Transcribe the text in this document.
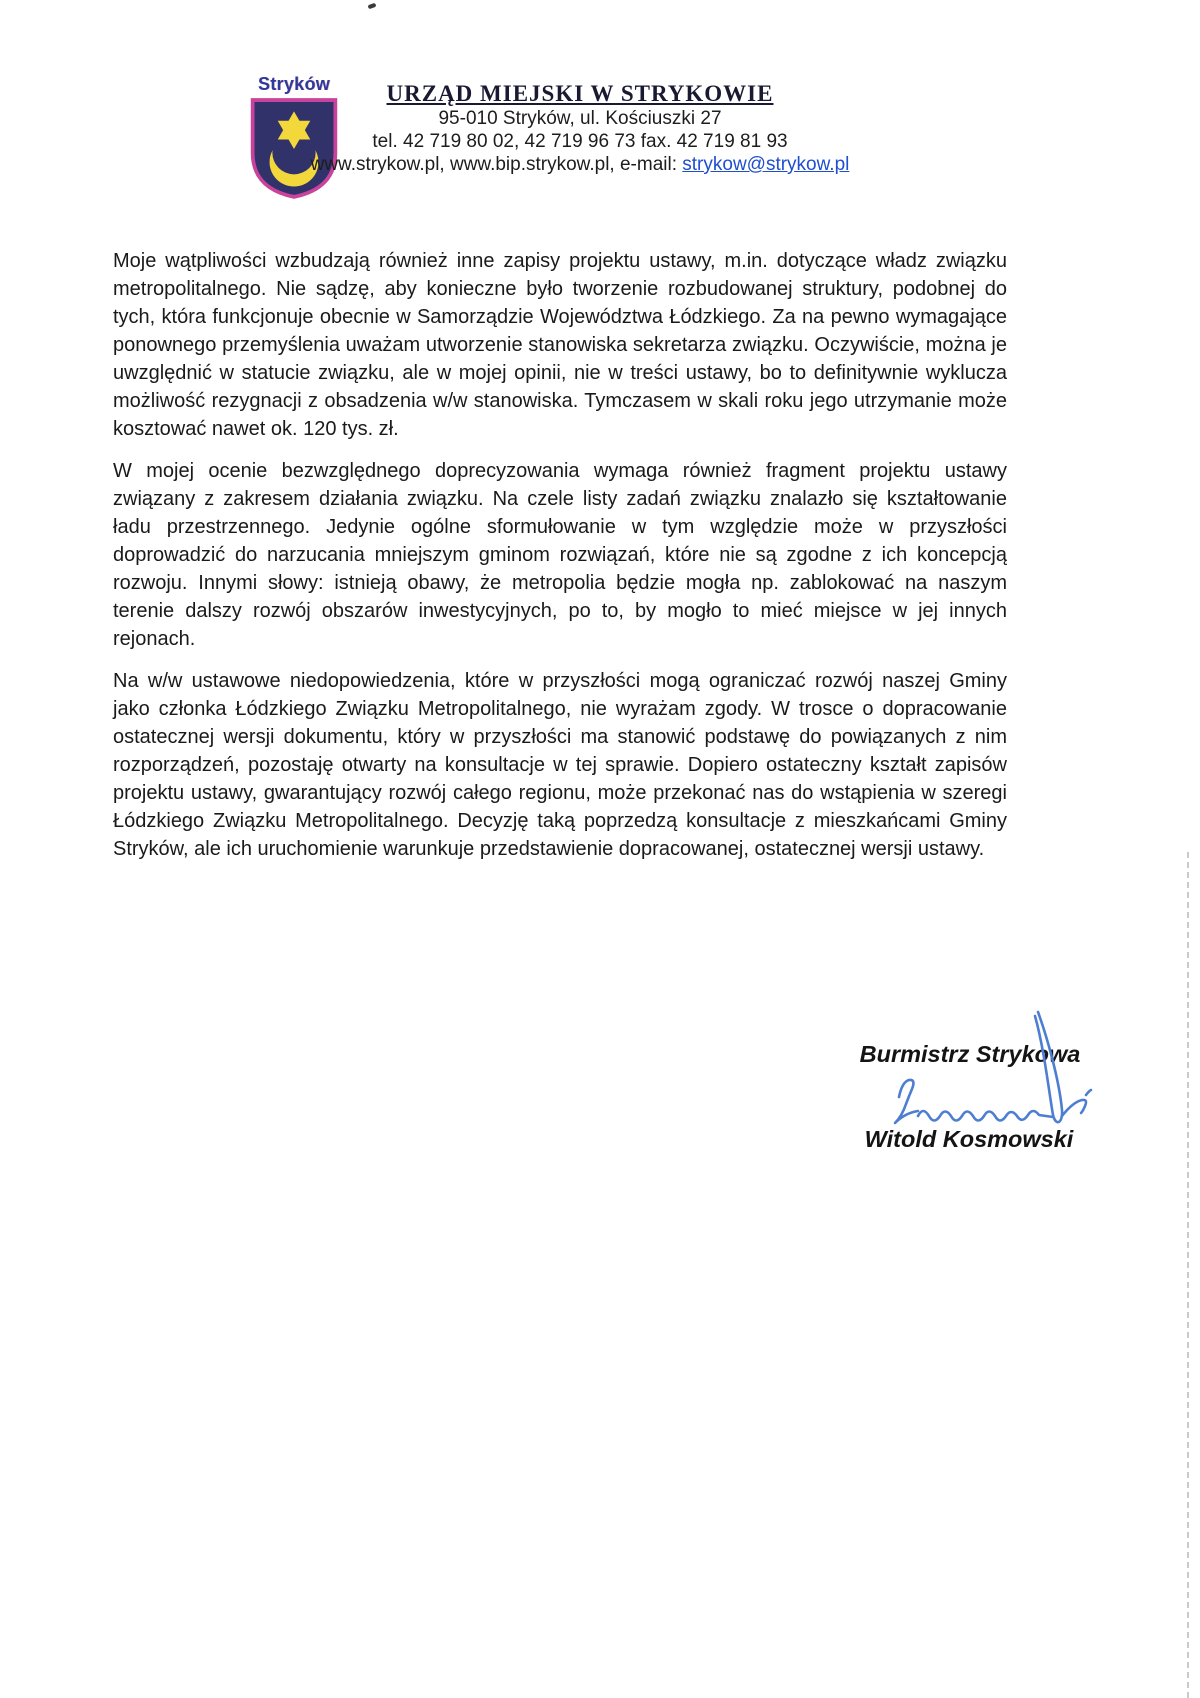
Stryków	URZĄD MIEJSKI W STRYKOWIE
95-010 Stryków, ul. Kościuszki 27
tel. 42 719 80 02, 42 719 96 73 fax. 42 719 81 93
www.strykow.pl, www.bip.strykow.pl, e-mail: strykow@strykow.pl

Moje wątpliwości wzbudzają również inne zapisy projektu ustawy, m.in. dotyczące władz związku metropolitalnego. Nie sądzę, aby konieczne było tworzenie rozbudowanej struktury, podobnej do tych, która funkcjonuje obecnie w Samorządzie Województwa Łódzkiego. Za na pewno wymagające ponownego przemyślenia uważam utworzenie stanowiska sekretarza związku. Oczywiście, można je uwzględnić w statucie związku, ale w mojej opinii, nie w treści ustawy, bo to definitywnie wyklucza możliwość rezygnacji z obsadzenia w/w stanowiska. Tymczasem w skali roku jego utrzymanie może kosztować nawet ok. 120 tys. zł.

W mojej ocenie bezwzględnego doprecyzowania wymaga również fragment projektu ustawy związany z zakresem działania związku. Na czele listy zadań związku znalazło się kształtowanie ładu przestrzennego. Jedynie ogólne sformułowanie w tym względzie może w przyszłości doprowadzić do narzucania mniejszym gminom rozwiązań, które nie są zgodne z ich koncepcją rozwoju. Innymi słowy: istnieją obawy, że metropolia będzie mogła np. zablokować na naszym terenie dalszy rozwój obszarów inwestycyjnych, po to, by mogło to mieć miejsce w jej innych rejonach.

Na w/w ustawowe niedopowiedzenia, które w przyszłości mogą ograniczać rozwój naszej Gminy jako członka Łódzkiego Związku Metropolitalnego, nie wyrażam zgody. W trosce o dopracowanie ostatecznej wersji dokumentu, który w przyszłości ma stanowić podstawę do powiązanych z nim rozporządzeń, pozostaję otwarty na konsultacje w tej sprawie. Dopiero ostateczny kształt zapisów projektu ustawy, gwarantujący rozwój całego regionu, może przekonać nas do wstąpienia w szeregi Łódzkiego Związku Metropolitalnego. Decyzję taką poprzedzą konsultacje z mieszkańcami Gminy Stryków, ale ich uruchomienie warunkuje przedstawienie dopracowanej, ostatecznej wersji ustawy.

Burmistrz Strykowa
Witold Kosmowski
